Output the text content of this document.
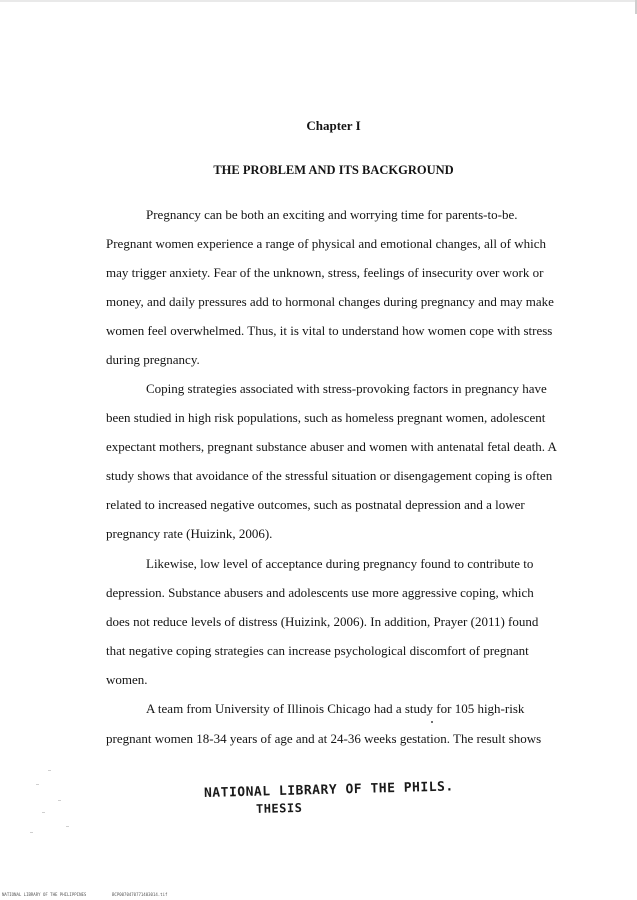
Chapter I
THE PROBLEM AND ITS BACKGROUND
Pregnancy can be both an exciting and worrying time for parents-to-be.
Pregnant women experience a range of physical and emotional changes, all of which
may trigger anxiety. Fear of the unknown, stress, feelings of insecurity over work or
money, and daily pressures add to hormonal changes during pregnancy and may make
women feel overwhelmed. Thus, it is vital to understand how women cope with stress
during pregnancy.
Coping strategies associated with stress-provoking factors in pregnancy have
been studied in high risk populations, such as homeless pregnant women, adolescent
expectant mothers, pregnant substance abuser and women with antenatal fetal death. A
study shows that avoidance of the stressful situation or disengagement coping is often
related to increased negative outcomes, such as postnatal depression and a lower
pregnancy rate (Huizink, 2006).
Likewise, low level of acceptance during pregnancy found to contribute to
depression. Substance abusers and adolescents use more aggressive coping, which
does not reduce levels of distress (Huizink, 2006). In addition, Prayer (2011) found
that negative coping strategies can increase psychological discomfort of pregnant
women.
A team from University of Illinois Chicago had a study for 105 high-risk
pregnant women 18-34 years of age and at 24-36 weeks gestation. The result shows
NATIONAL LIBRARY OF THE PHILS.
THESIS
NATIONAL LIBRARY OF THE PHILIPPINES	BCP0070470771403014.tif
